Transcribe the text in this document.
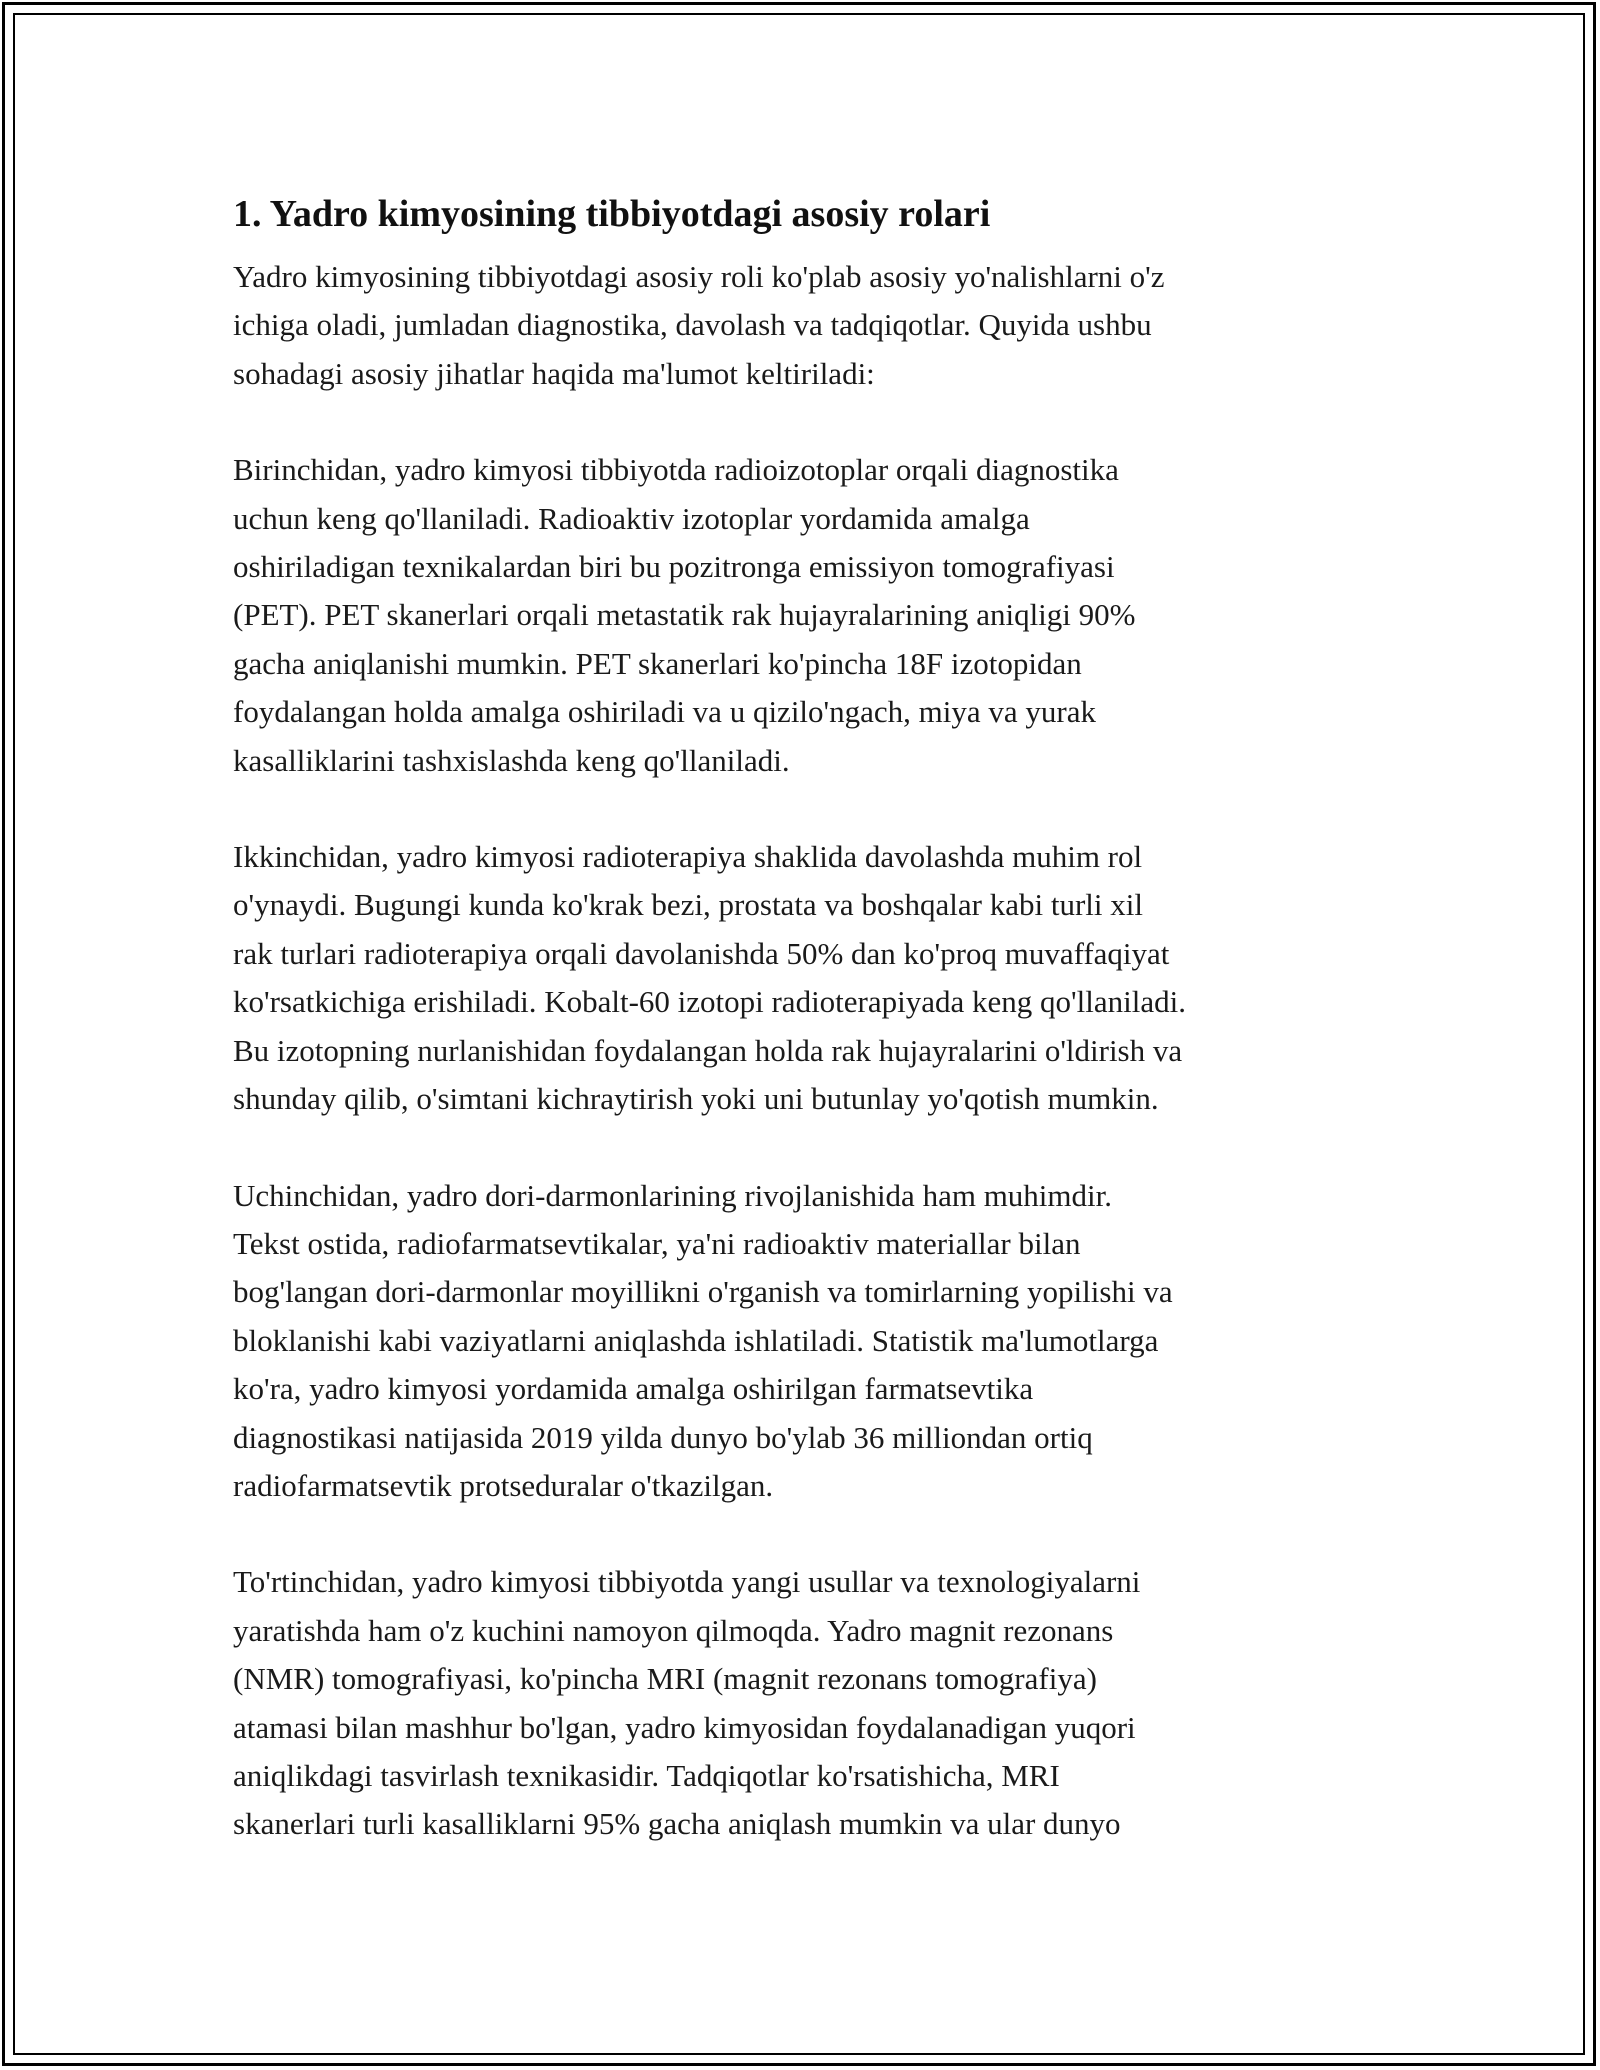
1. Yadro kimyosining tibbiyotdagi asosiy rolari

Yadro kimyosining tibbiyotdagi asosiy roli ko'plab asosiy yo'nalishlarni o'z
ichiga oladi, jumladan diagnostika, davolash va tadqiqotlar. Quyida ushbu
sohadagi asosiy jihatlar haqida ma'lumot keltiriladi:

Birinchidan, yadro kimyosi tibbiyotda radioizotoplar orqali diagnostika
uchun keng qo'llaniladi. Radioaktiv izotoplar yordamida amalga
oshiriladigan texnikalardan biri bu pozitronga emissiyon tomografiyasi
(PET). PET skanerlari orqali metastatik rak hujayralarining aniqligi 90%
gacha aniqlanishi mumkin. PET skanerlari ko'pincha 18F izotopidan
foydalangan holda amalga oshiriladi va u qizilo'ngach, miya va yurak
kasalliklarini tashxislashda keng qo'llaniladi.

Ikkinchidan, yadro kimyosi radioterapiya shaklida davolashda muhim rol
o'ynaydi. Bugungi kunda ko'krak bezi, prostata va boshqalar kabi turli xil
rak turlari radioterapiya orqali davolanishda 50% dan ko'proq muvaffaqiyat
ko'rsatkichiga erishiladi. Kobalt-60 izotopi radioterapiyada keng qo'llaniladi.
Bu izotopning nurlanishidan foydalangan holda rak hujayralarini o'ldirish va
shunday qilib, o'simtani kichraytirish yoki uni butunlay yo'qotish mumkin.

Uchinchidan, yadro dori-darmonlarining rivojlanishida ham muhimdir.
Tekst ostida, radiofarmatsevtikalar, ya'ni radioaktiv materiallar bilan
bog'langan dori-darmonlar moyillikni o'rganish va tomirlarning yopilishi va
bloklanishi kabi vaziyatlarni aniqlashda ishlatiladi. Statistik ma'lumotlarga
ko'ra, yadro kimyosi yordamida amalga oshirilgan farmatsevtika
diagnostikasi natijasida 2019 yilda dunyo bo'ylab 36 milliondan ortiq
radiofarmatsevtik protseduralar o'tkazilgan.

To'rtinchidan, yadro kimyosi tibbiyotda yangi usullar va texnologiyalarni
yaratishda ham o'z kuchini namoyon qilmoqda. Yadro magnit rezonans
(NMR) tomografiyasi, ko'pincha MRI (magnit rezonans tomografiya)
atamasi bilan mashhur bo'lgan, yadro kimyosidan foydalanadigan yuqori
aniqlikdagi tasvirlash texnikasidir. Tadqiqotlar ko'rsatishicha, MRI
skanerlari turli kasalliklarni 95% gacha aniqlash mumkin va ular dunyo
